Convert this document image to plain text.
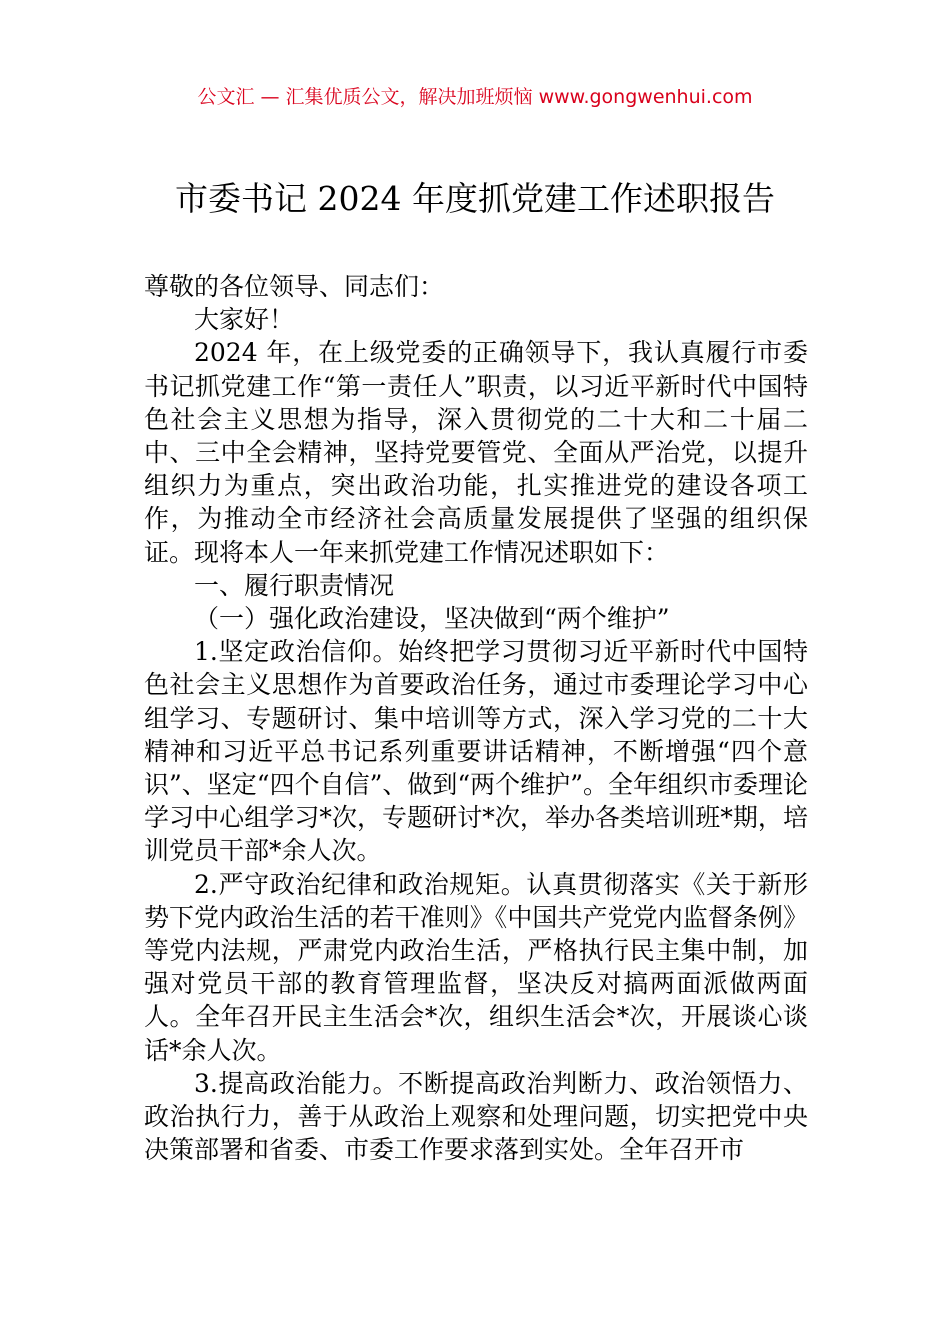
公文汇 — 汇集优质公文，解决加班烦恼 www.gongwenhui.com
市委书记 2024 年度抓党建工作述职报告

尊敬的各位领导、同志们：

大家好！

2024 年，在上级党委的正确领导下，我认真履行市委书记抓党建工作“第一责任人”职责，以习近平新时代中国特色社会主义思想为指导，深入贯彻党的二十大和二十届二中、三中全会精神，坚持党要管党、全面从严治党，以提升组织力为重点，突出政治功能，扎实推进党的建设各项工作，为推动全市经济社会高质量发展提供了坚强的组织保证。现将本人一年来抓党建工作情况述职如下：

一、履行职责情况

（一）强化政治建设，坚决做到“两个维护”

1.坚定政治信仰。始终把学习贯彻习近平新时代中国特色社会主义思想作为首要政治任务，通过市委理论学习中心组学习、专题研讨、集中培训等方式，深入学习党的二十大精神和习近平总书记系列重要讲话精神，不断增强“四个意识”、坚定“四个自信”、做到“两个维护”。全年组织市委理论学习中心组学习*次，专题研讨*次，举办各类培训班*期，培训党员干部*余人次。

2.严守政治纪律和政治规矩。认真贯彻落实《关于新形势下党内政治生活的若干准则》《中国共产党党内监督条例》等党内法规，严肃党内政治生活，严格执行民主集中制，加强对党员干部的教育管理监督，坚决反对搞两面派做两面人。全年召开民主生活会*次，组织生活会*次，开展谈心谈话*余人次。

3.提高政治能力。不断提高政治判断力、政治领悟力、政治执行力，善于从政治上观察和处理问题，切实把党中央决策部署和省委、市委工作要求落到实处。全年召开市
